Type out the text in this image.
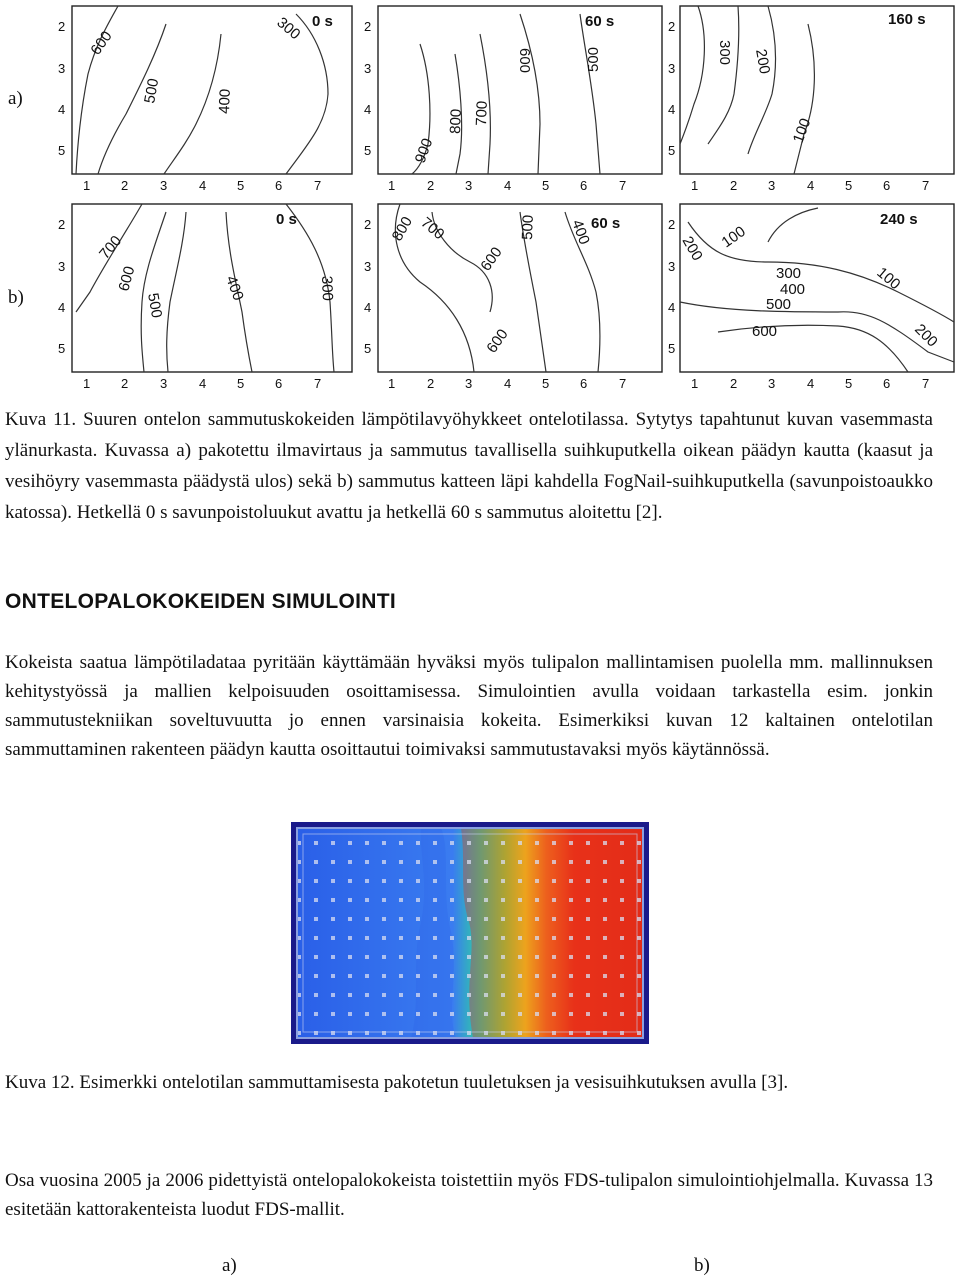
a)
b)
2
3
4
5
1 2 3 4 5 6 7
600
500	400
300 0 s 2
3
4
5
1 2 3 4 5 6 7
900
800 700
600	500
60 s	2
3
4
5
1 2 3 4 5 6 7
300 200
100
160 s
2
3
4
5
1 2 3 4 5 6 7
700
600
500
400	300
0 s	2
3
4
5
1 2 3 4 5 6 7
800 700	500 400
600
600
60 s	2
3
4
5
1 2 3 4 5 6 7
200 100
300
400
500
100
600	200
240 s

Kuva 11. Suuren ontelon sammutuskokeiden lämpötilavyöhykkeet ontelotilassa. Sytytys tapahtunut kuvan vasemmasta ylänurkasta. Kuvassa a) pakotettu ilmavirtaus ja sammutus tavallisella suihkuputkella oikean päädyn kautta (kaasut ja vesihöyry vasemmasta päädystä ulos) sekä b) sammutus katteen läpi kahdella FogNail-suihkuputkella (savunpoistoaukko katossa). Hetkellä 0 s savunpoistoluukut avattu ja hetkellä 60 s sammutus aloitettu [2].

ONTELOPALOKOKEIDEN SIMULOINTI

Kokeista saatua lämpötiladataa pyritään käyttämään hyväksi myös tulipalon mallintamisen puolella mm. mallinnuksen kehitystyössä ja mallien kelpoisuuden osoittamisessa. Simulointien avulla voidaan tarkastella esim. jonkin sammutustekniikan soveltuvuutta jo ennen varsinaisia kokeita. Esimerkiksi kuvan 12 kaltainen ontelotilan sammuttaminen rakenteen päädyn kautta osoittautui toimivaksi sammutustavaksi myös käytännössä.

Kuva 12. Esimerkki ontelotilan sammuttamisesta pakotetun tuuletuksen ja vesisuihkutuksen avulla [3].

Osa vuosina 2005 ja 2006 pidettyistä ontelopalokokeista toistettiin myös FDS-tulipalon simulointiohjelmalla. Kuvassa 13 esitetään kattorakenteista luodut FDS-mallit.

a)	b)
